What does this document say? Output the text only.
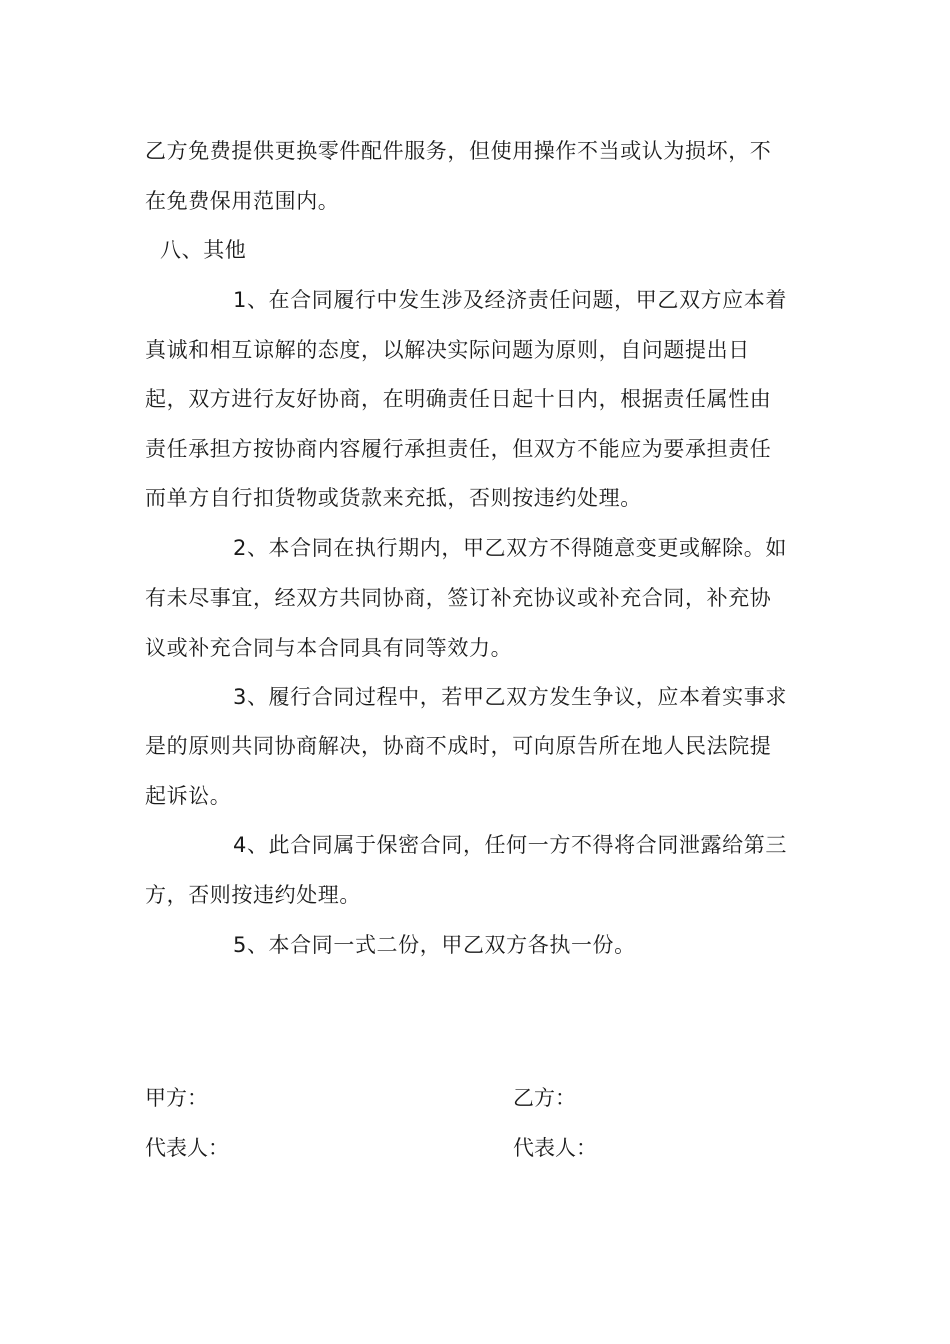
乙方免费提供更换零件配件服务，但使用操作不当或认为损坏，不
在免费保用范围内。
八、其他
1、在合同履行中发生涉及经济责任问题，甲乙双方应本着
真诚和相互谅解的态度，以解决实际问题为原则，自问题提出日
起，双方进行友好协商，在明确责任日起十日内，根据责任属性由
责任承担方按协商内容履行承担责任，但双方不能应为要承担责任
而单方自行扣货物或货款来充抵，否则按违约处理。
2、本合同在执行期内，甲乙双方不得随意变更或解除。如
有未尽事宜，经双方共同协商，签订补充协议或补充合同，补充协
议或补充合同与本合同具有同等效力。
3、履行合同过程中，若甲乙双方发生争议，应本着实事求
是的原则共同协商解决，协商不成时，可向原告所在地人民法院提
起诉讼。
4、此合同属于保密合同，任何一方不得将合同泄露给第三
方，否则按违约处理。
5、本合同一式二份，甲乙双方各执一份。
甲方：	乙方：
代表人：	代表人：
